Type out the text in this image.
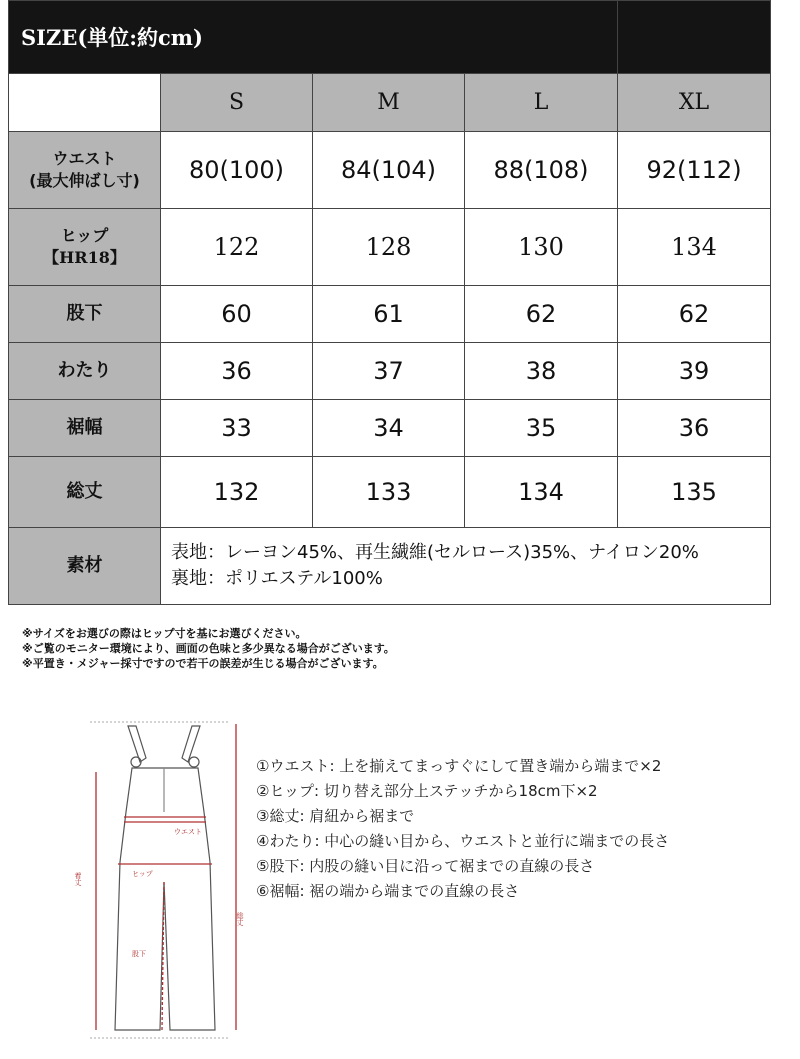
SIZE(単位:約cm)				
	S	M	L	XL

ウエスト
(最大伸ばし寸)	80(100)	84(104)	88(108)	92(112)

ヒップ
【HR18】	122	128	130	134
股下	60	61	62	62
わたり	36	37	38	39
裾幅	33	34	35	36
総丈	132	133	134	135
素材	表地：レーヨン45%、再生繊維(セルロース)35%、ナイロン20%
裏地：ポリエステル100%			
※サイズをお選びの際はヒップ寸を基にお選びください。
※ご覧のモニター環境により、画面の色味と多少異なる場合がございます。
※平置き・メジャー採寸ですので若干の誤差が生じる場合がございます。
ウエスト
ヒップ
股下
着丈
総丈
①ウエスト: 上を揃えてまっすぐにして置き端から端まで×2
②ヒップ: 切り替え部分上ステッチから18cm下×2
③総丈: 肩紐から裾まで
④わたり: 中心の縫い目から、ウエストと並行に端までの長さ
⑤股下: 内股の縫い目に沿って裾までの直線の長さ
⑥裾幅: 裾の端から端までの直線の長さ
